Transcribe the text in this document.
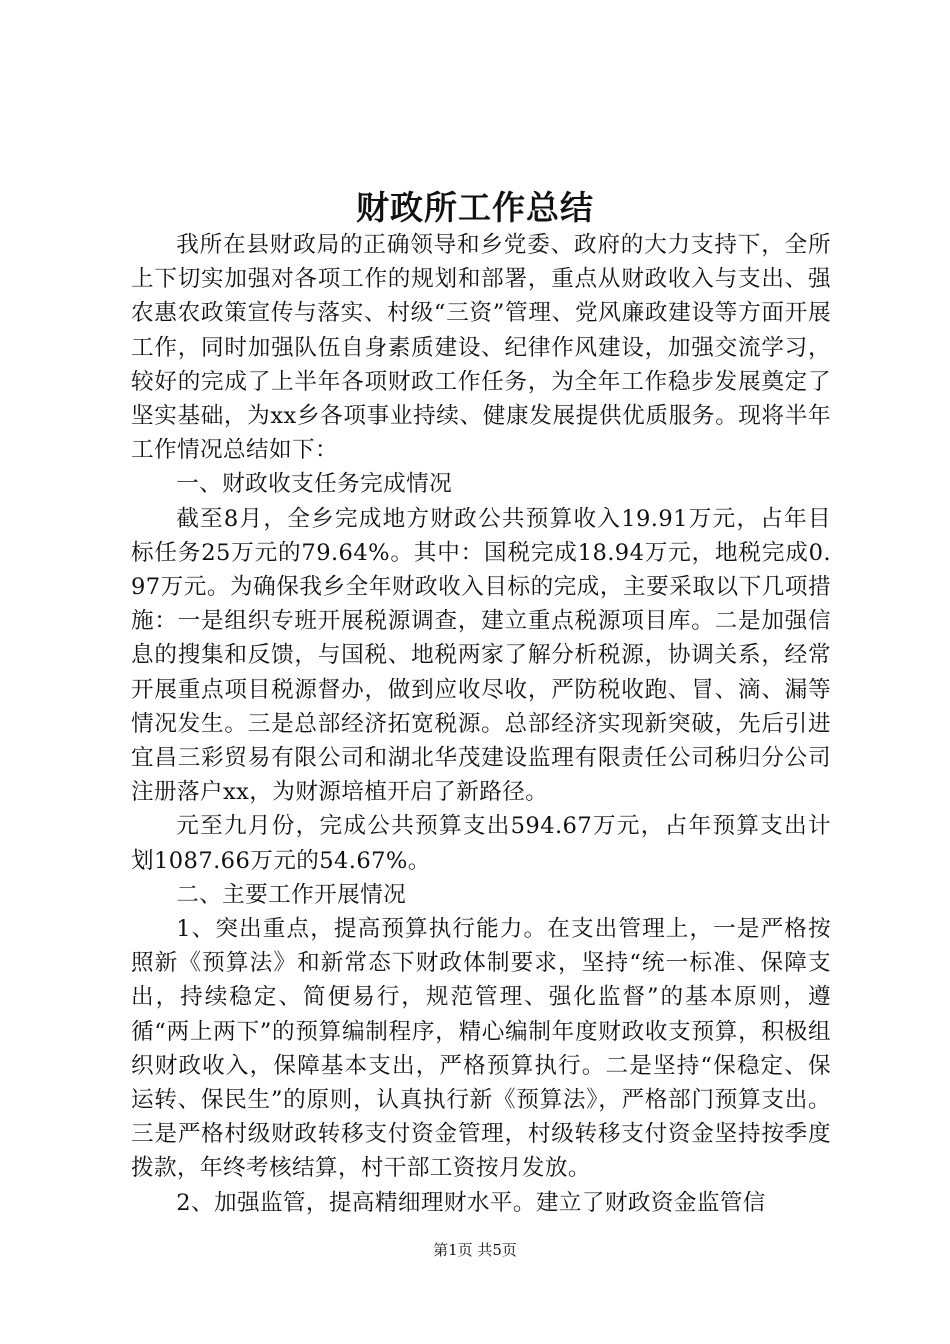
财政所工作总结

我所在县财政局的正确领导和乡党委、政府的大力支持下，全所上下切实加强对各项工作的规划和部署，重点从财政收入与支出、强农惠农政策宣传与落实、村级“三资”管理、党风廉政建设等方面开展工作，同时加强队伍自身素质建设、纪律作风建设，加强交流学习，较好的完成了上半年各项财政工作任务，为全年工作稳步发展奠定了坚实基础，为xx乡各项事业持续、健康发展提供优质服务。现将半年工作情况总结如下：

一、财政收支任务完成情况

截至8月，全乡完成地方财政公共预算收入19.91万元，占年目标任务25万元的79.64%。其中：国税完成18.94万元，地税完成0.97万元。为确保我乡全年财政收入目标的完成，主要采取以下几项措施：一是组织专班开展税源调查，建立重点税源项目库。二是加强信息的搜集和反馈，与国税、地税两家了解分析税源，协调关系，经常开展重点项目税源督办，做到应收尽收，严防税收跑、冒、滴、漏等情况发生。三是总部经济拓宽税源。总部经济实现新突破，先后引进宜昌三彩贸易有限公司和湖北华茂建设监理有限责任公司秭归分公司注册落户xx，为财源培植开启了新路径。

元至九月份，完成公共预算支出594.67万元，占年预算支出计划1087.66万元的54.67%。

二、主要工作开展情况

1、突出重点，提高预算执行能力。在支出管理上，一是严格按照新《预算法》和新常态下财政体制要求，坚持“统一标准、保障支出，持续稳定、简便易行，规范管理、强化监督”的基本原则，遵循“两上两下”的预算编制程序，精心编制年度财政收支预算，积极组织财政收入，保障基本支出，严格预算执行。二是坚持“保稳定、保运转、保民生”的原则，认真执行新《预算法》，严格部门预算支出。三是严格村级财政转移支付资金管理，村级转移支付资金坚持按季度拨款，年终考核结算，村干部工资按月发放。

2、加强监管，提高精细理财水平。建立了财政资金监管信

第1页 共5页
